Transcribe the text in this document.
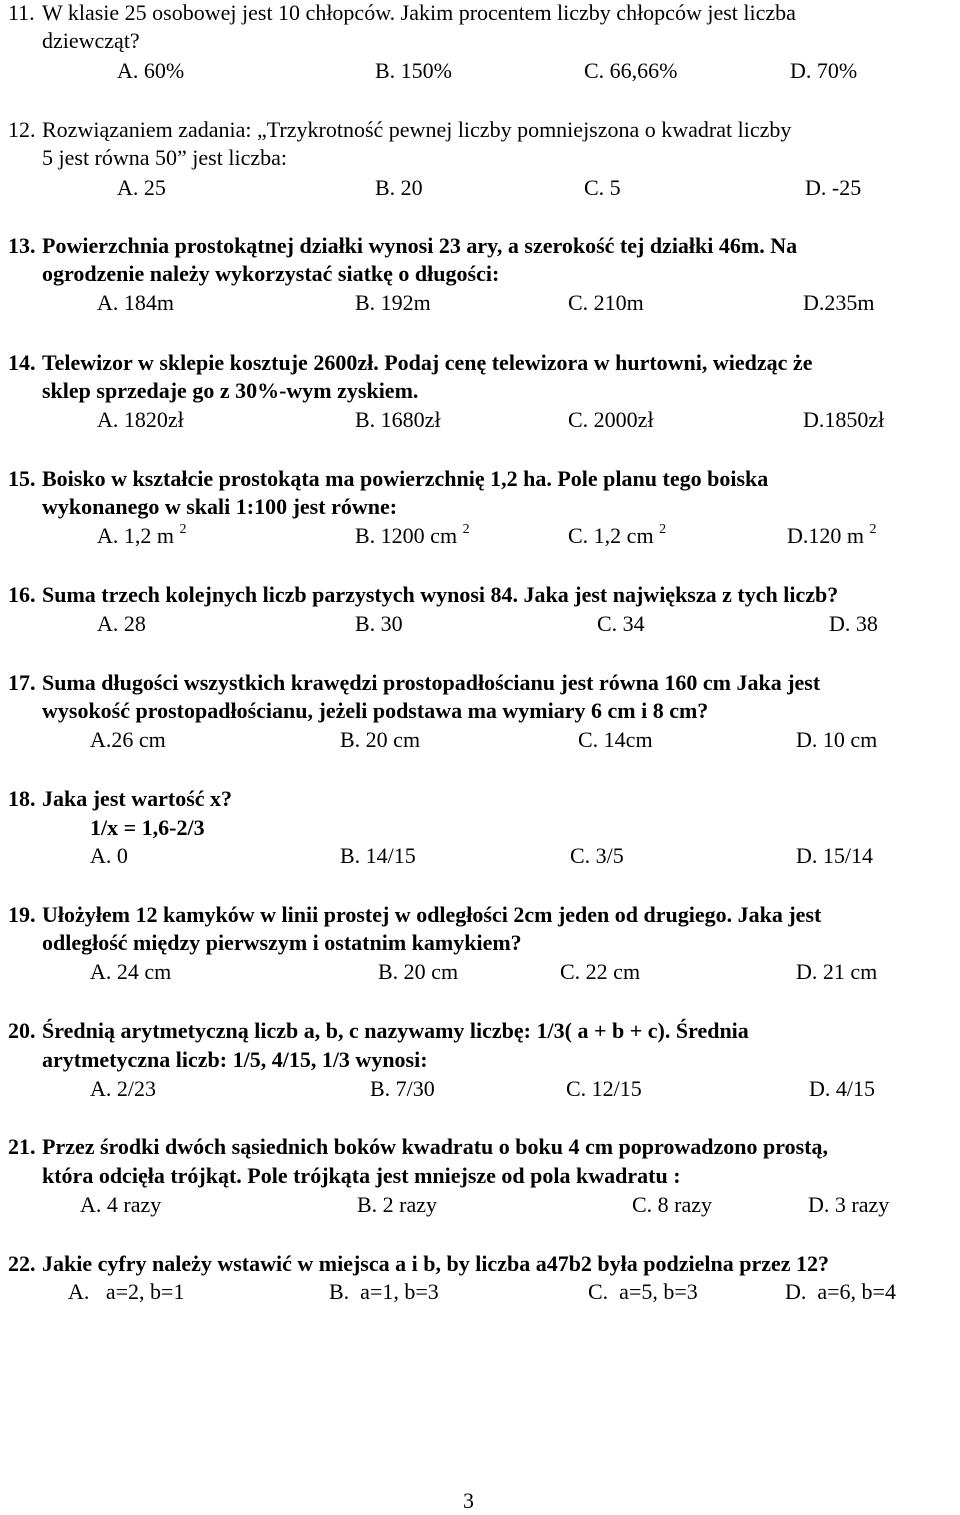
11. W klasie 25 osobowej jest 10 chłopców. Jakim procentem liczby chłopców jest liczba
dziewcząt?
A. 60%	B. 150%	C. 66,66%	D. 70%
12. Rozwiązaniem zadania: „Trzykrotność pewnej liczby pomniejszona o kwadrat liczby
5 jest równa 50” jest liczba:
A. 25	B. 20	C. 5	D. -25
13. Powierzchnia prostokątnej działki wynosi 23 ary, a szerokość tej działki 46m. Na
ogrodzenie należy wykorzystać siatkę o długości:
A. 184m	B. 192m	C. 210m	D.235m
14. Telewizor w sklepie kosztuje 2600zł. Podaj cenę telewizora w hurtowni, wiedząc że
sklep sprzedaje go z 30%-wym zyskiem.
A. 1820zł	B. 1680zł	C. 2000zł	D.1850zł
15. Boisko w kształcie prostokąta ma powierzchnię 1,2 ha. Pole planu tego boiska
wykonanego w skali 1:100 jest równe:
A. 1,2 m $^2$	B. 1200 cm $^2$	C. 1,2 cm $^2$	D.120 m $^2$
16. Suma trzech kolejnych liczb parzystych wynosi 84. Jaka jest największa z tych liczb?
A. 28	B. 30	C. 34	D. 38
17. Suma długości wszystkich krawędzi prostopadłościanu jest równa 160 cm Jaka jest
wysokość prostopadłościanu, jeżeli podstawa ma wymiary 6 cm i 8 cm?
A.26 cm	B. 20 cm	C. 14cm	D. 10 cm
18. Jaka jest wartość x?
1/x = 1,6-2/3
A. 0	B. 14/15	C. 3/5	D. 15/14
19. Ułożyłem 12 kamyków w linii prostej w odległości 2cm jeden od drugiego. Jaka jest
odległość między pierwszym i ostatnim kamykiem?
A. 24 cm	B. 20 cm	C. 22 cm	D. 21 cm
20. Średnią arytmetyczną liczb a, b, c nazywamy liczbę: 1/3( a + b + c). Średnia
arytmetyczna liczb: 1/5, 4/15, 1/3 wynosi:
A. 2/23	B. 7/30	C. 12/15	D. 4/15
21. Przez środki dwóch sąsiednich boków kwadratu o boku 4 cm poprowadzono prostą,
która odcięła trójkąt. Pole trójkąta jest mniejsze od pola kwadratu :
A. 4 razy	B. 2 razy	C. 8 razy	D. 3 razy
22. Jakie cyfry należy wstawić w miejsca a i b, by liczba a47b2 była podzielna przez 12?
A.   a=2, b=1	B.  a=1, b=3	C.  a=5, b=3	D.  a=6, b=4
3
